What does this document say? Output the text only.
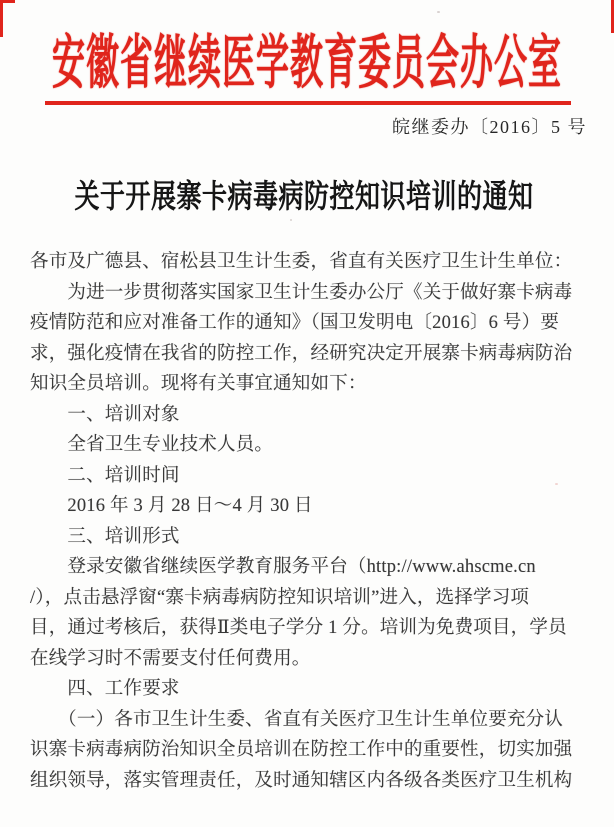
安徽省继续医学教育委员会办公室
皖继委办〔2016〕5 号
关于开展寨卡病毒病防控知识培训的通知
各市及广德县、宿松县卫生计生委，省直有关医疗卫生计生单位：
　　为进一步贯彻落实国家卫生计生委办公厅《关于做好寨卡病毒
疫情防范和应对准备工作的通知》（国卫发明电〔2016〕6 号）要
求，强化疫情在我省的防控工作，经研究决定开展寨卡病毒病防治
知识全员培训。现将有关事宜通知如下：
　　一、培训对象
　　全省卫生专业技术人员。
　　二、培训时间
　　2016 年 3 月 28 日～4 月 30 日
　　三、培训形式
　　登录安徽省继续医学教育服务平台（http://www.ahscme.cn
/），点击悬浮窗“寨卡病毒病防控知识培训”进入，选择学习项
目，通过考核后，获得Ⅱ类电子学分 1 分。培训为免费项目，学员
在线学习时不需要支付任何费用。
　　四、工作要求
　　（一）各市卫生计生委、省直有关医疗卫生计生单位要充分认
识寨卡病毒病防治知识全员培训在防控工作中的重要性，切实加强
组织领导，落实管理责任，及时通知辖区内各级各类医疗卫生机构
